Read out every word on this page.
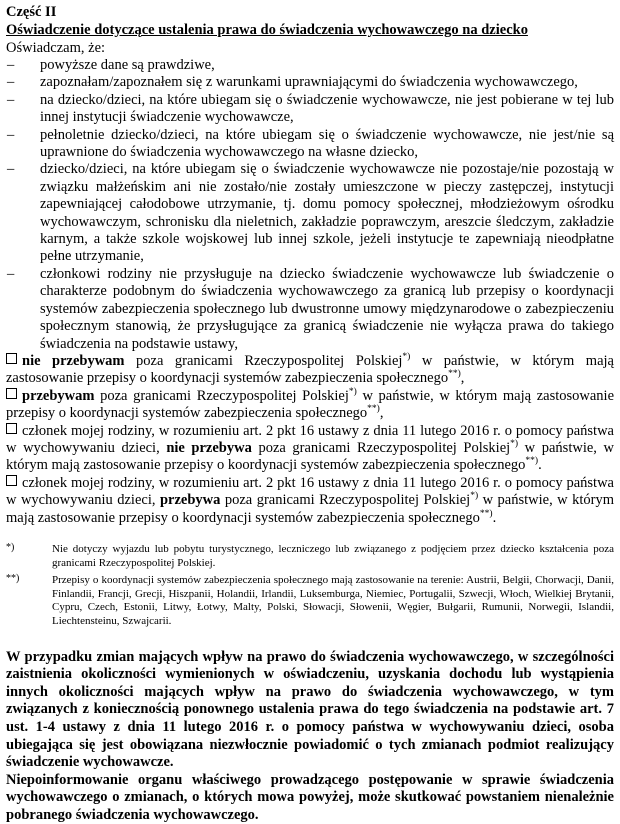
Część II

Oświadczenie dotyczące ustalenia prawa do świadczenia wychowawczego na dziecko

Oświadczam, że:

– powyższe dane są prawdziwe,
– zapoznałam/zapoznałem się z warunkami uprawniającymi do świadczenia wychowawczego,
– na dziecko/dzieci, na które ubiegam się o świadczenie wychowawcze, nie jest pobierane w tej lub innej instytucji świadczenie wychowawcze,
– pełnoletnie dziecko/dzieci, na które ubiegam się o świadczenie wychowawcze, nie jest/nie są uprawnione do świadczenia wychowawczego na własne dziecko,
– dziecko/dzieci, na które ubiegam się o świadczenie wychowawcze nie pozostaje/nie pozostają w związku małżeńskim ani nie zostało/nie zostały umieszczone w pieczy zastępczej, instytucji zapewniającej całodobowe utrzymanie, tj. domu pomocy społecznej, młodzieżowym ośrodku wychowawczym, schronisku dla nieletnich, zakładzie poprawczym, areszcie śledczym, zakładzie karnym, a także szkole wojskowej lub innej szkole, jeżeli instytucje te zapewniają nieodpłatne pełne utrzymanie,
– członkowi rodziny nie przysługuje na dziecko świadczenie wychowawcze lub świadczenie o charakterze podobnym do świadczenia wychowawczego za granicą lub przepisy o koordynacji systemów zabezpieczenia społecznego lub dwustronne umowy międzynarodowe o zabezpieczeniu społecznym stanowią, że przysługujące za granicą świadczenie nie wyłącza prawa do takiego świadczenia na podstawie ustawy,

nie przebywam poza granicami Rzeczypospolitej Polskiej*) w państwie, w którym mają zastosowanie przepisy o koordynacji systemów zabezpieczenia społecznego**),

przebywam poza granicami Rzeczypospolitej Polskiej*) w państwie, w którym mają zastosowanie przepisy o koordynacji systemów zabezpieczenia społecznego**),

członek mojej rodziny, w rozumieniu art. 2 pkt 16 ustawy z dnia 11 lutego 2016 r. o pomocy państwa w wychowywaniu dzieci, nie przebywa poza granicami Rzeczypospolitej Polskiej*) w państwie, w którym mają zastosowanie przepisy o koordynacji systemów zabezpieczenia społecznego**).

członek mojej rodziny, w rozumieniu art. 2 pkt 16 ustawy z dnia 11 lutego 2016 r. o pomocy państwa w wychowywaniu dzieci, przebywa poza granicami Rzeczypospolitej Polskiej*) w państwie, w którym mają zastosowanie przepisy o koordynacji systemów zabezpieczenia społecznego**).

*)	Nie dotyczy wyjazdu lub pobytu turystycznego, leczniczego lub związanego z podjęciem przez dziecko kształcenia poza granicami Rzeczypospolitej Polskiej.

**)	Przepisy o koordynacji systemów zabezpieczenia społecznego mają zastosowanie na terenie: Austrii, Belgii, Chorwacji, Danii, Finlandii, Francji, Grecji, Hiszpanii, Holandii, Irlandii, Luksemburga, Niemiec, Portugalii, Szwecji, Włoch, Wielkiej Brytanii, Cypru, Czech, Estonii, Litwy, Łotwy, Malty, Polski, Słowacji, Słowenii, Węgier, Bułgarii, Rumunii, Norwegii, Islandii, Liechtensteinu, Szwajcarii.

W przypadku zmian mających wpływ na prawo do świadczenia wychowawczego, w szczególności zaistnienia okoliczności wymienionych w oświadczeniu, uzyskania dochodu lub wystąpienia innych okoliczności mających wpływ na prawo do świadczenia wychowawczego, w tym związanych z koniecznością ponownego ustalenia prawa do tego świadczenia na podstawie art. 7 ust. 1-4 ustawy z dnia 11 lutego 2016 r. o pomocy państwa w wychowywaniu dzieci, osoba ubiegająca się jest obowiązana niezwłocznie powiadomić o tych zmianach podmiot realizujący świadczenie wychowawcze.

Niepoinformowanie organu właściwego prowadzącego postępowanie w sprawie świadczenia wychowawczego o zmianach, o których mowa powyżej, może skutkować powstaniem nienależnie pobranego świadczenia wychowawczego.
